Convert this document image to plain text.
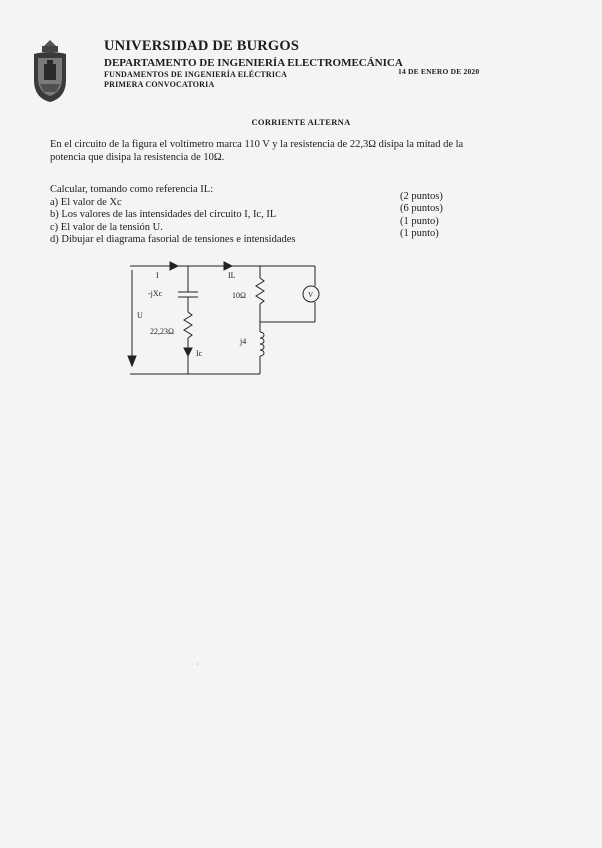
UNIVERSIDAD DE BURGOS
DEPARTAMENTO DE INGENIERÍA ELECTROMECÁNICA
FUNDAMENTOS DE INGENIERÍA ELÉCTRICA
PRIMERA CONVOCATORIA
14 DE ENERO DE 2020
CORRIENTE ALTERNA
En el circuito de la figura el voltímetro marca 110 V y la resistencia de 22,3Ω disipa la mitad de la
potencia que disipa la resistencia de 10Ω.
Calcular, tomando como referencia IL:
a) El valor de Xc
(2 puntos)
b) Los valores de las intensidades del circuito I, Ic, IL
(6 puntos)
c) El valor de la tensión U.
(1 punto)
d) Dibujar el diagrama fasorial de tensiones e intensidades
(1 punto)
I	IL
-jXc
U
22,23Ω
Ic
10Ω
j4
V
·
